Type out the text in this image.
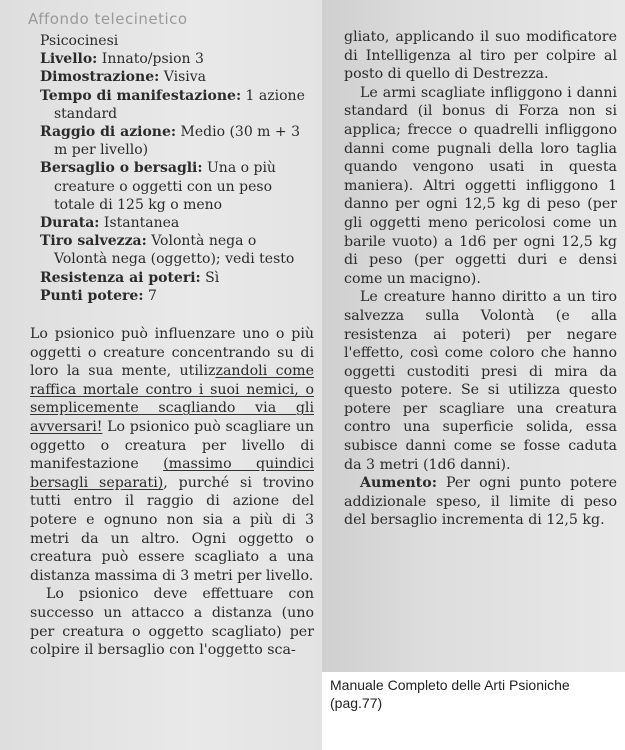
Affondo telecinetico
Psicocinesi
Livello: Innato/psion 3
Dimostrazione: Visiva
Tempo di manifestazione: 1 azione
standard
Raggio di azione: Medio (30 m + 3
m per livello)
Bersaglio o bersagli: Una o più
creature o oggetti con un peso totale di 125 kg o meno
Durata: Istantanea
Tiro salvezza: Volontà nega o
Volontà nega (oggetto); vedi testo
Resistenza ai poteri: Sì
Punti potere: 7

Lo psionico può influenzare uno o più oggetti o creature concentrando su di loro la sua mente, utilizzandoli come raffica mortale contro i suoi nemici, o semplicemente scagliando via gli avversari! Lo psionico può scagliare un oggetto o creatura per livello di manifestazione (massimo quindici bersagli separati), purché si trovino tutti entro il raggio di azione del potere e ognuno non sia a più di 3 metri da un altro. Ogni oggetto o creatura può essere scagliato a una distanza massima di 3 metri per livello.

Lo psionico deve effettuare con successo un attacco a distanza (uno per creatura o oggetto scagliato) per colpire il bersaglio con l'oggetto sca-

gliato, applicando il suo modificatore di Intelligenza al tiro per colpire al posto di quello di Destrezza.

Le armi scagliate infliggono i danni standard (il bonus di Forza non si applica; frecce o quadrelli infliggono danni come pugnali della loro taglia quando vengono usati in questa maniera). Altri oggetti infliggono 1 danno per ogni 12,5 kg di peso (per gli oggetti meno pericolosi come un barile vuoto) a 1d6 per ogni 12,5 kg di peso (per oggetti duri e densi come un macigno).

Le creature hanno diritto a un tiro salvezza sulla Volontà (e alla resistenza ai poteri) per negare l'effetto, così come coloro che hanno oggetti custoditi presi di mira da questo potere. Se si utilizza questo potere per scagliare una creatura contro una superficie solida, essa subisce danni come se fosse caduta da 3 metri (1d6 danni).

Aumento: Per ogni punto potere addizionale speso, il limite di peso del bersaglio incrementa di 12,5 kg.

Manuale Completo delle Arti Psioniche
(pag.77)
